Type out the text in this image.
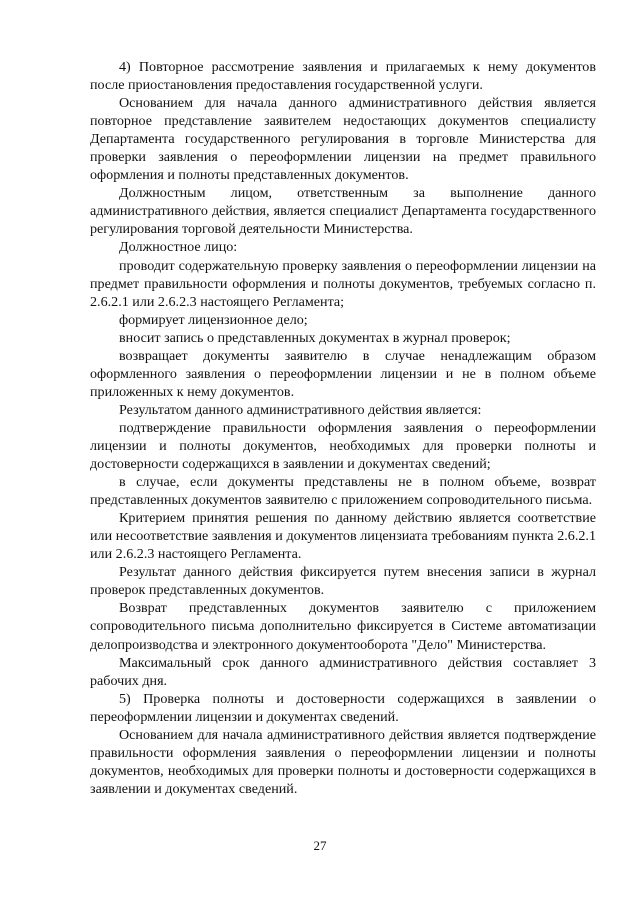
4) Повторное рассмотрение заявления и прилагаемых к нему документов после приостановления предоставления государственной услуги.

Основанием для начала данного административного действия является повторное представление заявителем недостающих документов специалисту Департамента государственного регулирования в торговле Министерства для проверки заявления о переоформлении лицензии на предмет правильного оформления и полноты представленных документов.

Должностным лицом, ответственным за выполнение данного административного действия, является специалист Департамента государственного регулирования торговой деятельности Министерства.

Должностное лицо:

проводит содержательную проверку заявления о переоформлении лицензии на предмет правильности оформления и полноты документов, требуемых согласно п. 2.6.2.1 или 2.6.2.3 настоящего Регламента;

формирует лицензионное дело;

вносит запись о представленных документах в журнал проверок;

возвращает документы заявителю в случае ненадлежащим образом оформленного заявления о переоформлении лицензии и не в полном объеме приложенных к нему документов.

Результатом данного административного действия является:

подтверждение правильности оформления заявления о переоформлении лицензии и полноты документов, необходимых для проверки полноты и достоверности содержащихся в заявлении и документах сведений;

в случае, если документы представлены не в полном объеме, возврат представленных документов заявителю с приложением сопроводительного письма.

Критерием принятия решения по данному действию является соответствие или несоответствие заявления и документов лицензиата требованиям пункта 2.6.2.1 или 2.6.2.3 настоящего Регламента.

Результат данного действия фиксируется путем внесения записи в журнал проверок представленных документов.

Возврат представленных документов заявителю с приложением сопроводительного письма дополнительно фиксируется в Системе автоматизации делопроизводства и электронного документооборота "Дело" Министерства.

Максимальный срок данного административного действия составляет 3 рабочих дня.

5) Проверка полноты и достоверности содержащихся в заявлении о переоформлении лицензии и документах сведений.

Основанием для начала административного действия является подтверждение правильности оформления заявления о переоформлении лицензии и полноты документов, необходимых для проверки полноты и достоверности содержащихся в заявлении и документах сведений.

27
